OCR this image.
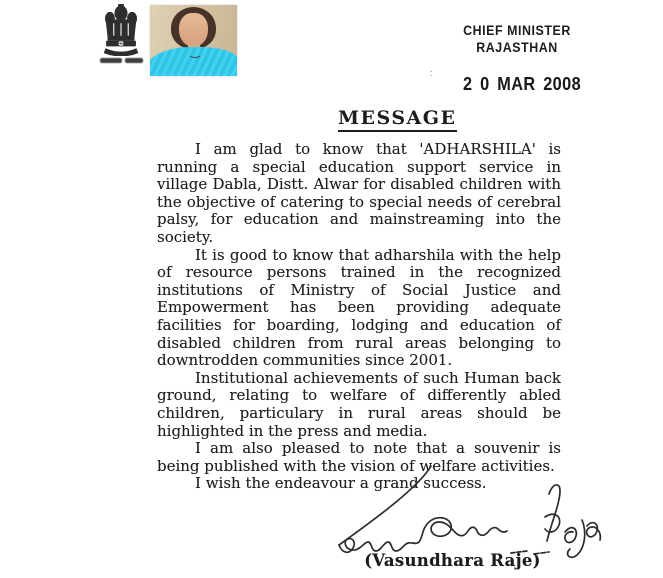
CHIEF MINISTER
RAJASTHAN
: 2 0 MAR 2008
MESSAGE

I am glad to know that 'ADHARSHILA' is running a special education support service in village Dabla, Distt. Alwar for disabled children with the objective of catering to special needs of cerebral palsy, for education and mainstreaming into the society.

It is good to know that adharshila with the help of resource persons trained in the recognized institutions of Ministry of Social Justice and Empowerment has been providing adequate facilities for boarding, lodging and education of disabled children from rural areas belonging to downtrodden communities since 2001.

Institutional achievements of such Human back ground, relating to welfare of differently abled children, particulary in rural areas should be highlighted in the press and media.

I am also pleased to note that a souvenir is being published with the vision of welfare activities.

I wish the endeavour a grand success.

(Vasundhara Raje)
